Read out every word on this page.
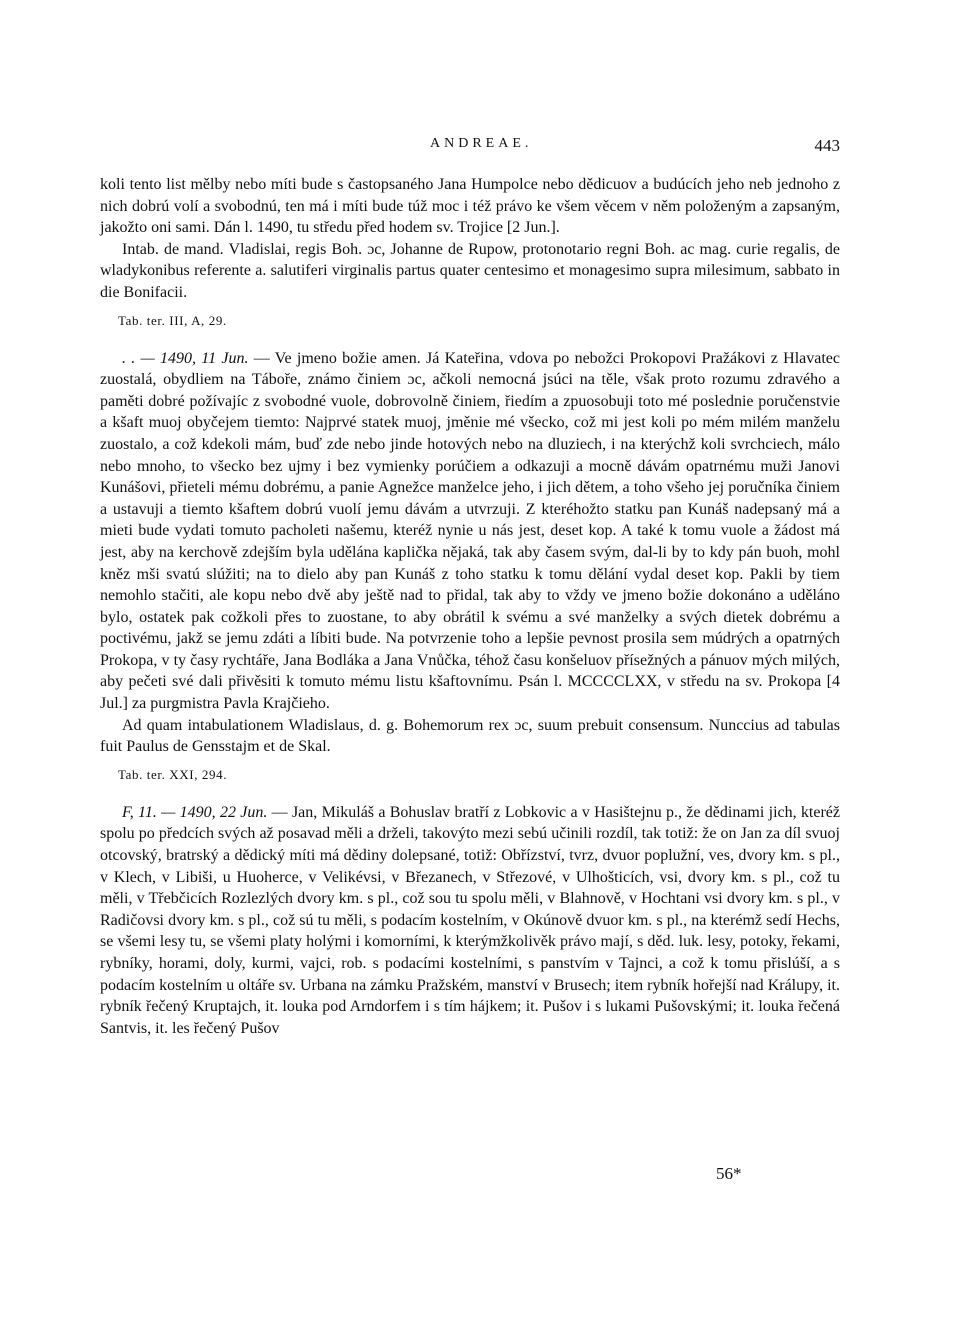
ANDREAE.	443

koli tento list mělby nebo míti bude s častopsaného Jana Humpolce nebo dědicuov a budúcích jeho neb jednoho z nich dobrú volí a svobodnú, ten má i míti bude túž moc i též právo ke všem věcem v něm položeným a zapsaným, jakožto oni sami. Dán l. 1490, tu středu před hodem sv. Trojice [2 Jun.].

Intab. de mand. Vladislai, regis Boh. ɔc, Johanne de Rupow, protonotario regni Boh. ac mag. curie regalis, de wladykonibus referente a. salutiferi virginalis partus quater centesimo et monagesimo supra milesimum, sabbato in die Bonifacii.

Tab. ter. III, A, 29.

. . — 1490, 11 Jun. — Ve jmeno božie amen. Já Kateřina, vdova po nebožci Prokopovi Pražákovi z Hlavatec zuostalá, obydliem na Táboře, známo činiem ɔc, ačkoli nemocná jsúci na těle, však proto rozumu zdravého a paměti dobré požívajíc z svobodné vuole, dobrovolně činiem, řiedím a zpuosobuji toto mé poslednie poručenstvie a kšaft muoj obyčejem tiemto: Najprvé statek muoj, jměnie mé všecko, což mi jest koli po mém milém manželu zuostalo, a což kdekoli mám, buď zde nebo jinde hotových nebo na dluziech, i na kterýchž koli svrchciech, málo nebo mnoho, to všecko bez ujmy i bez vymienky porúčiem a odkazuji a mocně dávám opatrnému muži Janovi Kunášovi, přieteli mému dobrému, a panie Agnežce manželce jeho, i jich dětem, a toho všeho jej poručníka činiem a ustavuji a tiemto kšaftem dobrú vuolí jemu dávám a utvrzuji. Z kteréhožto statku pan Kunáš nadepsaný má a mieti bude vydati tomuto pacholeti našemu, kteréž nynie u nás jest, deset kop. A také k tomu vuole a žádost má jest, aby na kerchově zdejším byla udělána kaplička nějaká, tak aby časem svým, dal-li by to kdy pán buoh, mohl kněz mši svatú slúžiti; na to dielo aby pan Kunáš z toho statku k tomu dělání vydal deset kop. Pakli by tiem nemohlo stačiti, ale kopu nebo dvě aby ještě nad to přidal, tak aby to vždy ve jmeno božie dokonáno a uděláno bylo, ostatek pak cožkoli přes to zuostane, to aby obrátil k svému a své manželky a svých dietek dobrému a poctivému, jakž se jemu zdáti a líbiti bude. Na potvrzenie toho a lepšie pevnost prosila sem múdrých a opatrných Prokopa, v ty časy rychtáře, Jana Bodláka a Jana Vnůčka, téhož času konšeluov přísežných a pánuov mých milých, aby pečeti své dali přivěsiti k tomuto mému listu kšaftovnímu. Psán l. MCCCCLXX, v středu na sv. Prokopa [4 Jul.] za purgmistra Pavla Krajčieho.

Ad quam intabulationem Wladislaus, d. g. Bohemorum rex ɔc, suum prebuit consensum. Nunccius ad tabulas fuit Paulus de Gensstajm et de Skal.

Tab. ter. XXI, 294.

F, 11. — 1490, 22 Jun. — Jan, Mikuláš a Bohuslav bratří z Lobkovic a v Hasištejnu p., že dědinami jich, kteréž spolu po předcích svých až posavad měli a drželi, takovýto mezi sebú učinili rozdíl, tak totiž: že on Jan za díl svuoj otcovský, bratrský a dědický míti má dědiny dolepsané, totiž: Obřízství, tvrz, dvuor poplužní, ves, dvory km. s pl., v Klech, v Libiši, u Huoherce, v Velikévsi, v Březanech, v Střezové, v Ulhošticích, vsi, dvory km. s pl., což tu měli, v Třebčicích Rozlezlých dvory km. s pl., což sou tu spolu měli, v Blahnově, v Hochtani vsi dvory km. s pl., v Radičovsi dvory km. s pl., což sú tu měli, s podacím kostelním, v Okúnově dvuor km. s pl., na kterémž sedí Hechs, se všemi lesy tu, se všemi platy holými i komorními, k kterýmžkolivěk právo mají, s děd. luk. lesy, potoky, řekami, rybníky, horami, doly, kurmi, vajci, rob. s podacími kostelními, s panstvím v Tajnci, a což k tomu přislúší, a s podacím kostelním u oltáře sv. Urbana na zámku Pražském, manství v Brusech; item rybník hořejší nad Králupy, it. rybník řečený Kruptajch, it. louka pod Arndorfem i s tím hájkem; it. Pušov i s lukami Pušovskými; it. louka řečená Santvis, it. les řečený Pušov

56*
